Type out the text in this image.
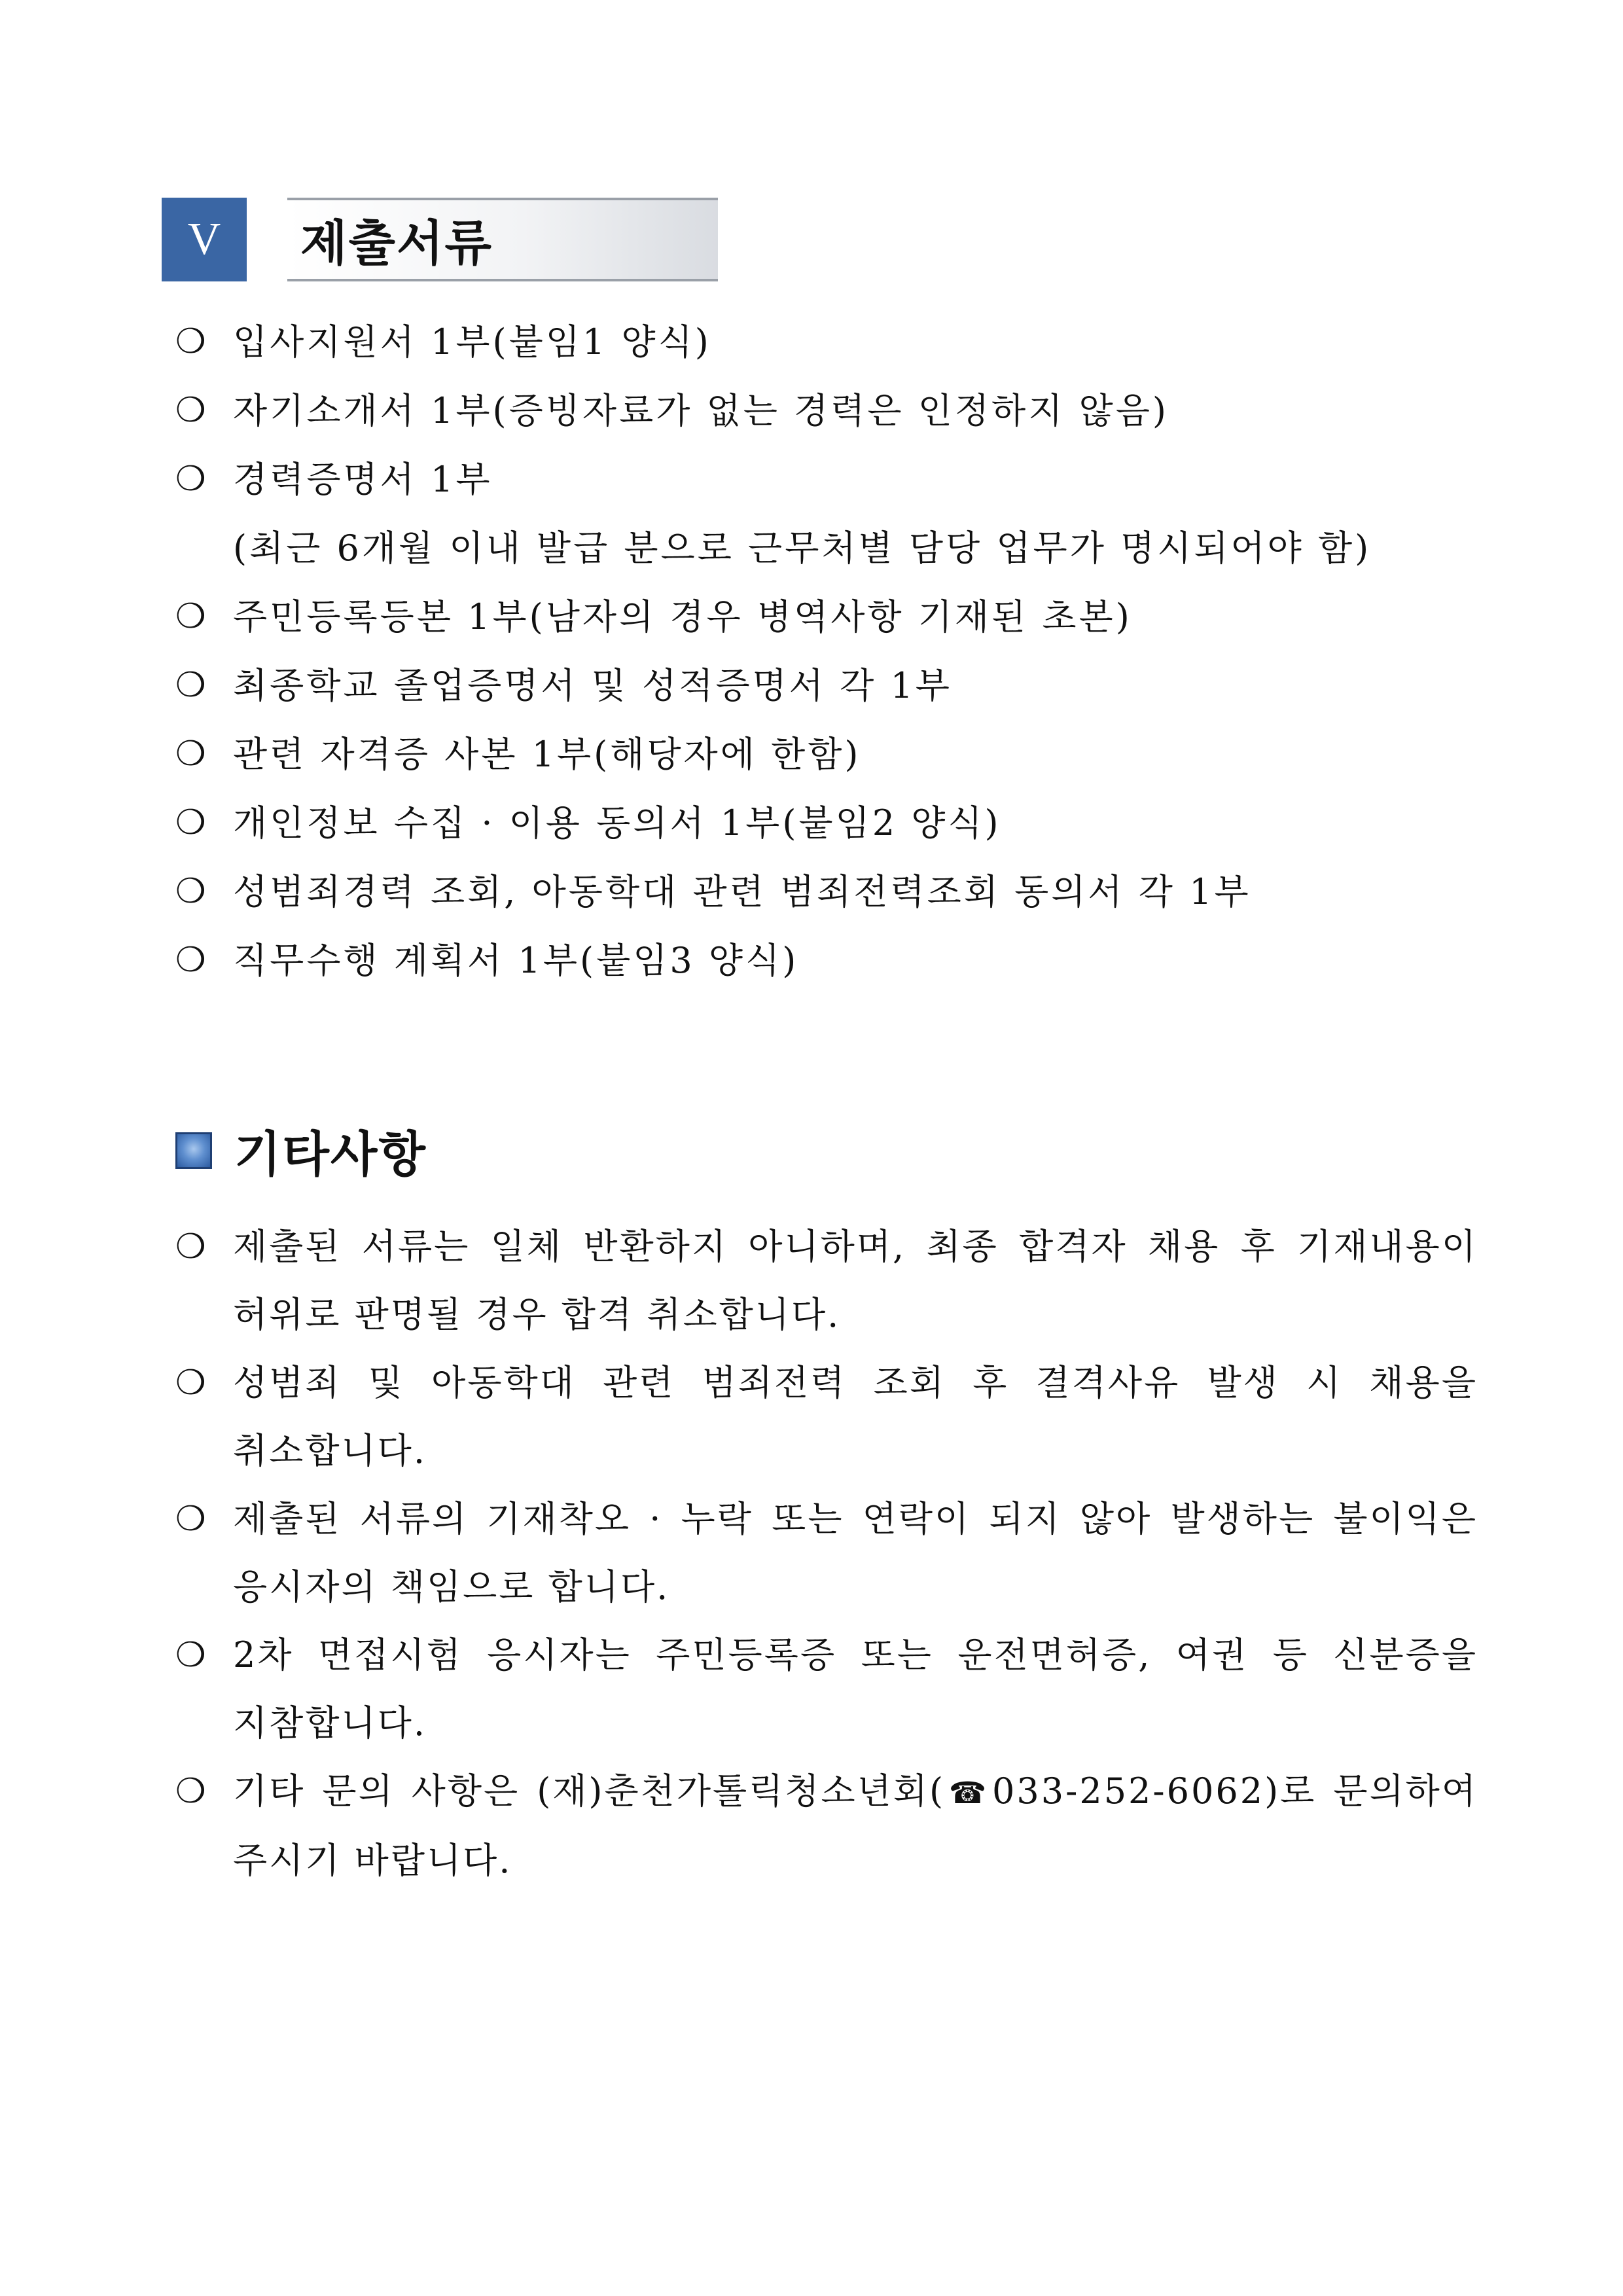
V	제출서류
❍ 입사지원서 1부(붙임1 양식)
❍ 자기소개서 1부(증빙자료가 없는 경력은 인정하지 않음)
❍ 경력증명서 1부
(최근 6개월 이내 발급 분으로 근무처별 담당 업무가 명시되어야 함)
❍ 주민등록등본 1부(남자의 경우 병역사항 기재된 초본)
❍ 최종학교 졸업증명서 및 성적증명서 각 1부
❍ 관련 자격증 사본 1부(해당자에 한함)
❍ 개인정보 수집 · 이용 동의서 1부(붙임2 양식)
❍ 성범죄경력 조회, 아동학대 관련 범죄전력조회 동의서 각 1부
❍ 직무수행 계획서 1부(붙임3 양식)
기타사항
❍ 제출된 서류는 일체 반환하지 아니하며, 최종 합격자 채용 후 기재내용이
허위로 판명될 경우 합격 취소합니다.
❍ 성범죄 및 아동학대 관련 범죄전력 조회 후 결격사유 발생 시 채용을
취소합니다.
❍ 제출된 서류의 기재착오 · 누락 또는 연락이 되지 않아 발생하는 불이익은
응시자의 책임으로 합니다.
❍ 2차 면접시험 응시자는 주민등록증 또는 운전면허증, 여권 등 신분증을
지참합니다.
❍ 기타 문의 사항은 (재)춘천가톨릭청소년회(☎033-252-6062)로 문의하여
주시기 바랍니다.
